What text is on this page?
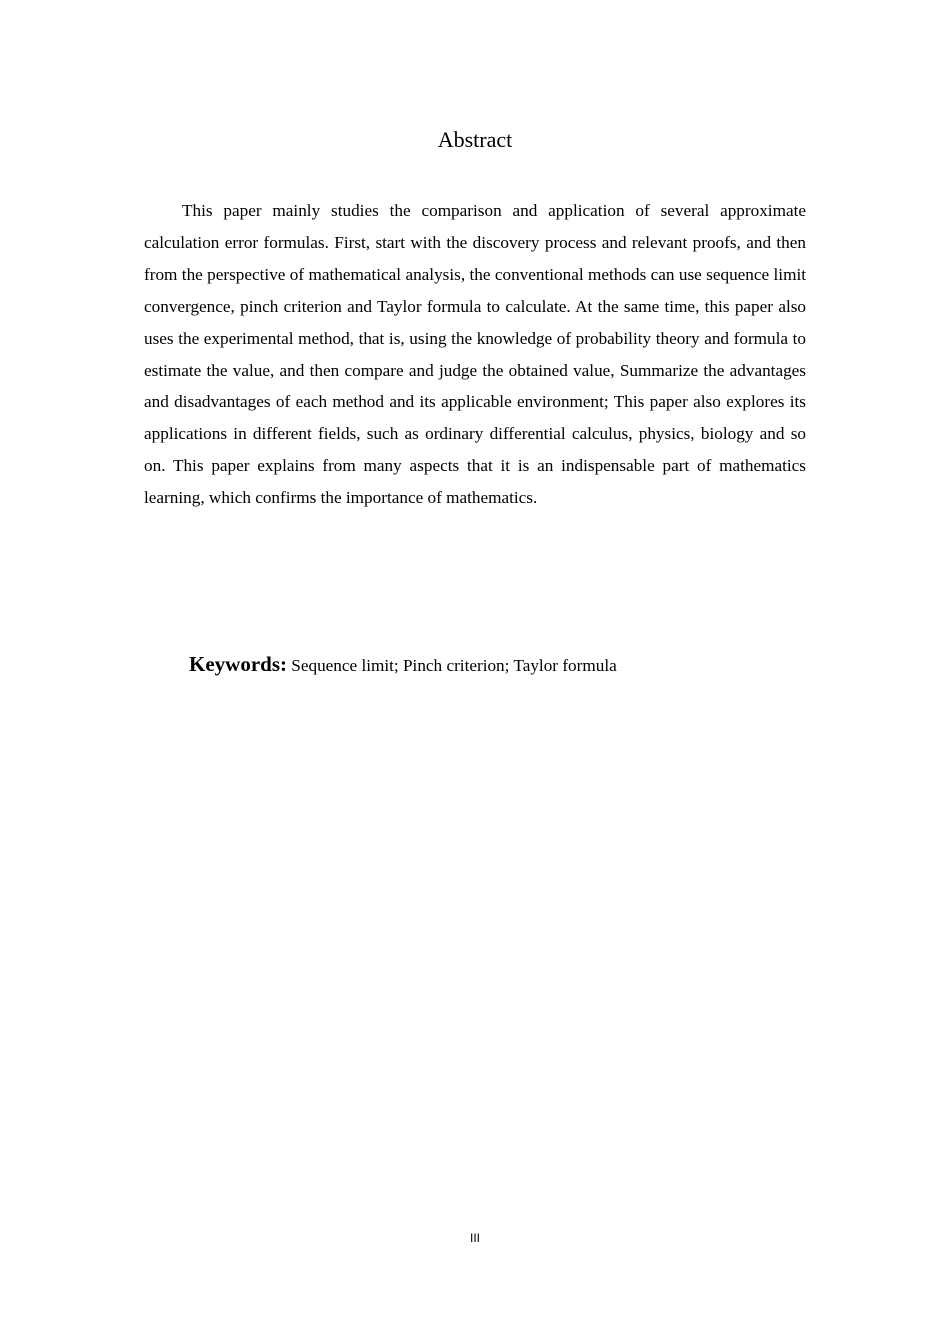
Abstract

This paper mainly studies the comparison and application of several approximate calculation error formulas. First, start with the discovery process and relevant proofs, and then from the perspective of mathematical analysis, the conventional methods can use sequence limit convergence, pinch criterion and Taylor formula to calculate. At the same time, this paper also uses the experimental method, that is, using the knowledge of probability theory and formula to estimate the value, and then compare and judge the obtained value, Summarize the advantages and disadvantages of each method and its applicable environment; This paper also explores its applications in different fields, such as ordinary differential calculus, physics, biology and so on. This paper explains from many aspects that it is an indispensable part of mathematics learning, which confirms the importance of mathematics.

Keywords: Sequence limit; Pinch criterion; Taylor formula
III
